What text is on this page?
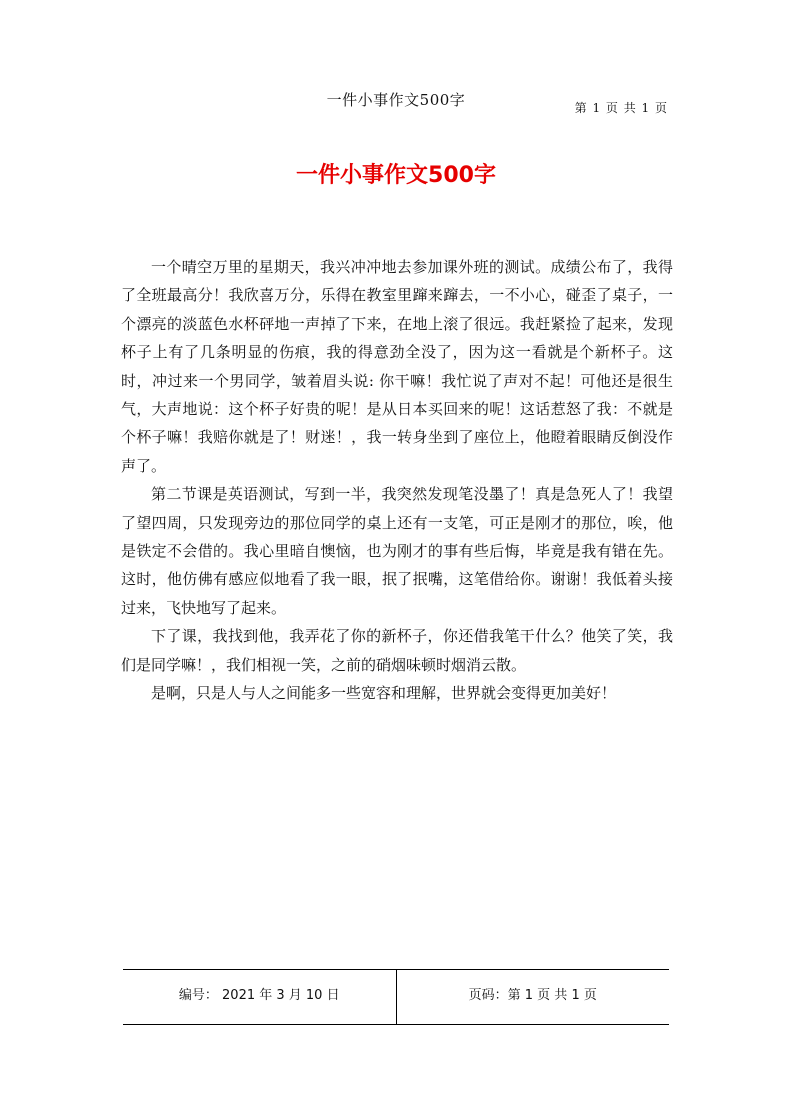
一件小事作文500字	第 1 页 共 1 页
一件小事作文500字

一个晴空万里的星期天，我兴冲冲地去参加课外班的测试。成绩公布了，我得了全班最高分！我欣喜万分，乐得在教室里蹿来蹿去，一不小心，碰歪了桌子，一个漂亮的淡蓝色水杯砰地一声掉了下来，在地上滚了很远。我赶紧捡了起来，发现杯子上有了几条明显的伤痕，我的得意劲全没了，因为这一看就是个新杯子。这时，冲过来一个男同学，皱着眉头说: 你干嘛！我忙说了声对不起！可他还是很生气，大声地说：这个杯子好贵的呢！是从日本买回来的呢！这话惹怒了我：不就是个杯子嘛！我赔你就是了！财迷！，我一转身坐到了座位上，他瞪着眼睛反倒没作声了。

第二节课是英语测试，写到一半，我突然发现笔没墨了！真是急死人了！我望了望四周，只发现旁边的那位同学的桌上还有一支笔，可正是刚才的那位，唉，他是铁定不会借的。我心里暗自懊恼，也为刚才的事有些后悔，毕竟是我有错在先。这时，他仿佛有感应似地看了我一眼，抿了抿嘴，这笔借给你。谢谢！我低着头接过来，飞快地写了起来。

下了课，我找到他，我弄花了你的新杯子，你还借我笔干什么？他笑了笑，我们是同学嘛！，我们相视一笑，之前的硝烟味顿时烟消云散。

是啊，只是人与人之间能多一些宽容和理解，世界就会变得更加美好！

编号： 2021 年 3 月 10 日	页码：第 1 页 共 1 页
